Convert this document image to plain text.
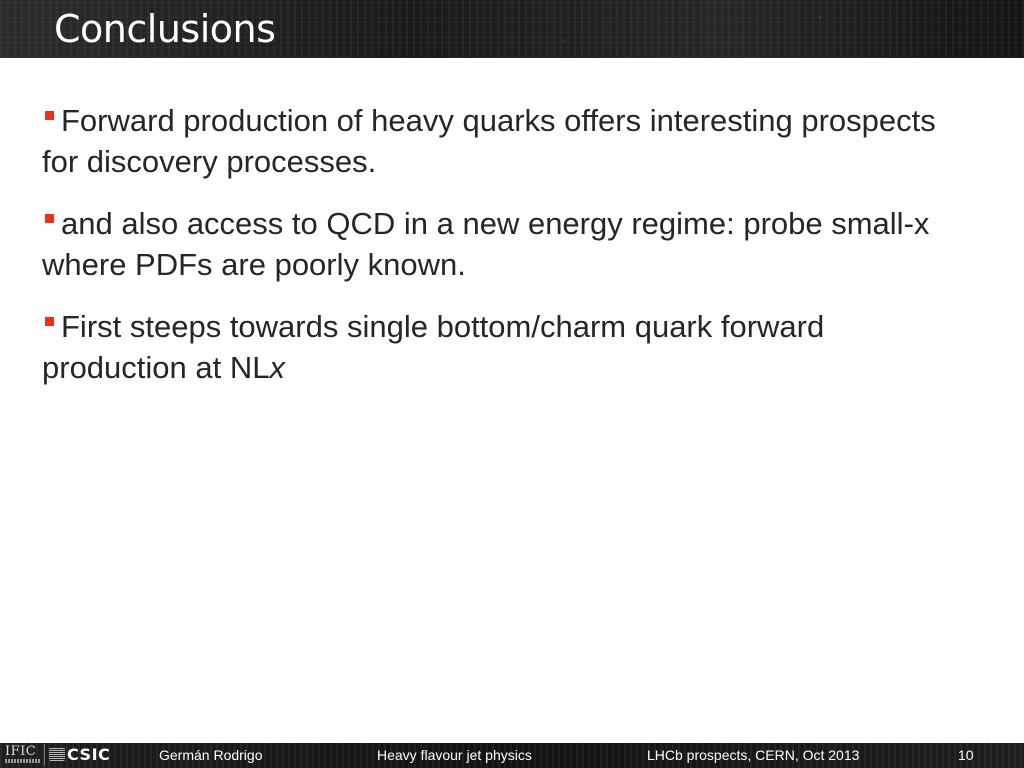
Conclusions

Forward production of heavy quarks offers interesting prospects for discovery processes.

and also access to QCD in a new energy regime: probe small-x where PDFs are poorly known.

First steeps towards single bottom/charm quark forward production at NLx

IFIC CSIC	Germán Rodrigo	Heavy flavour jet physics	LHCb prospects, CERN, Oct 2013	10
